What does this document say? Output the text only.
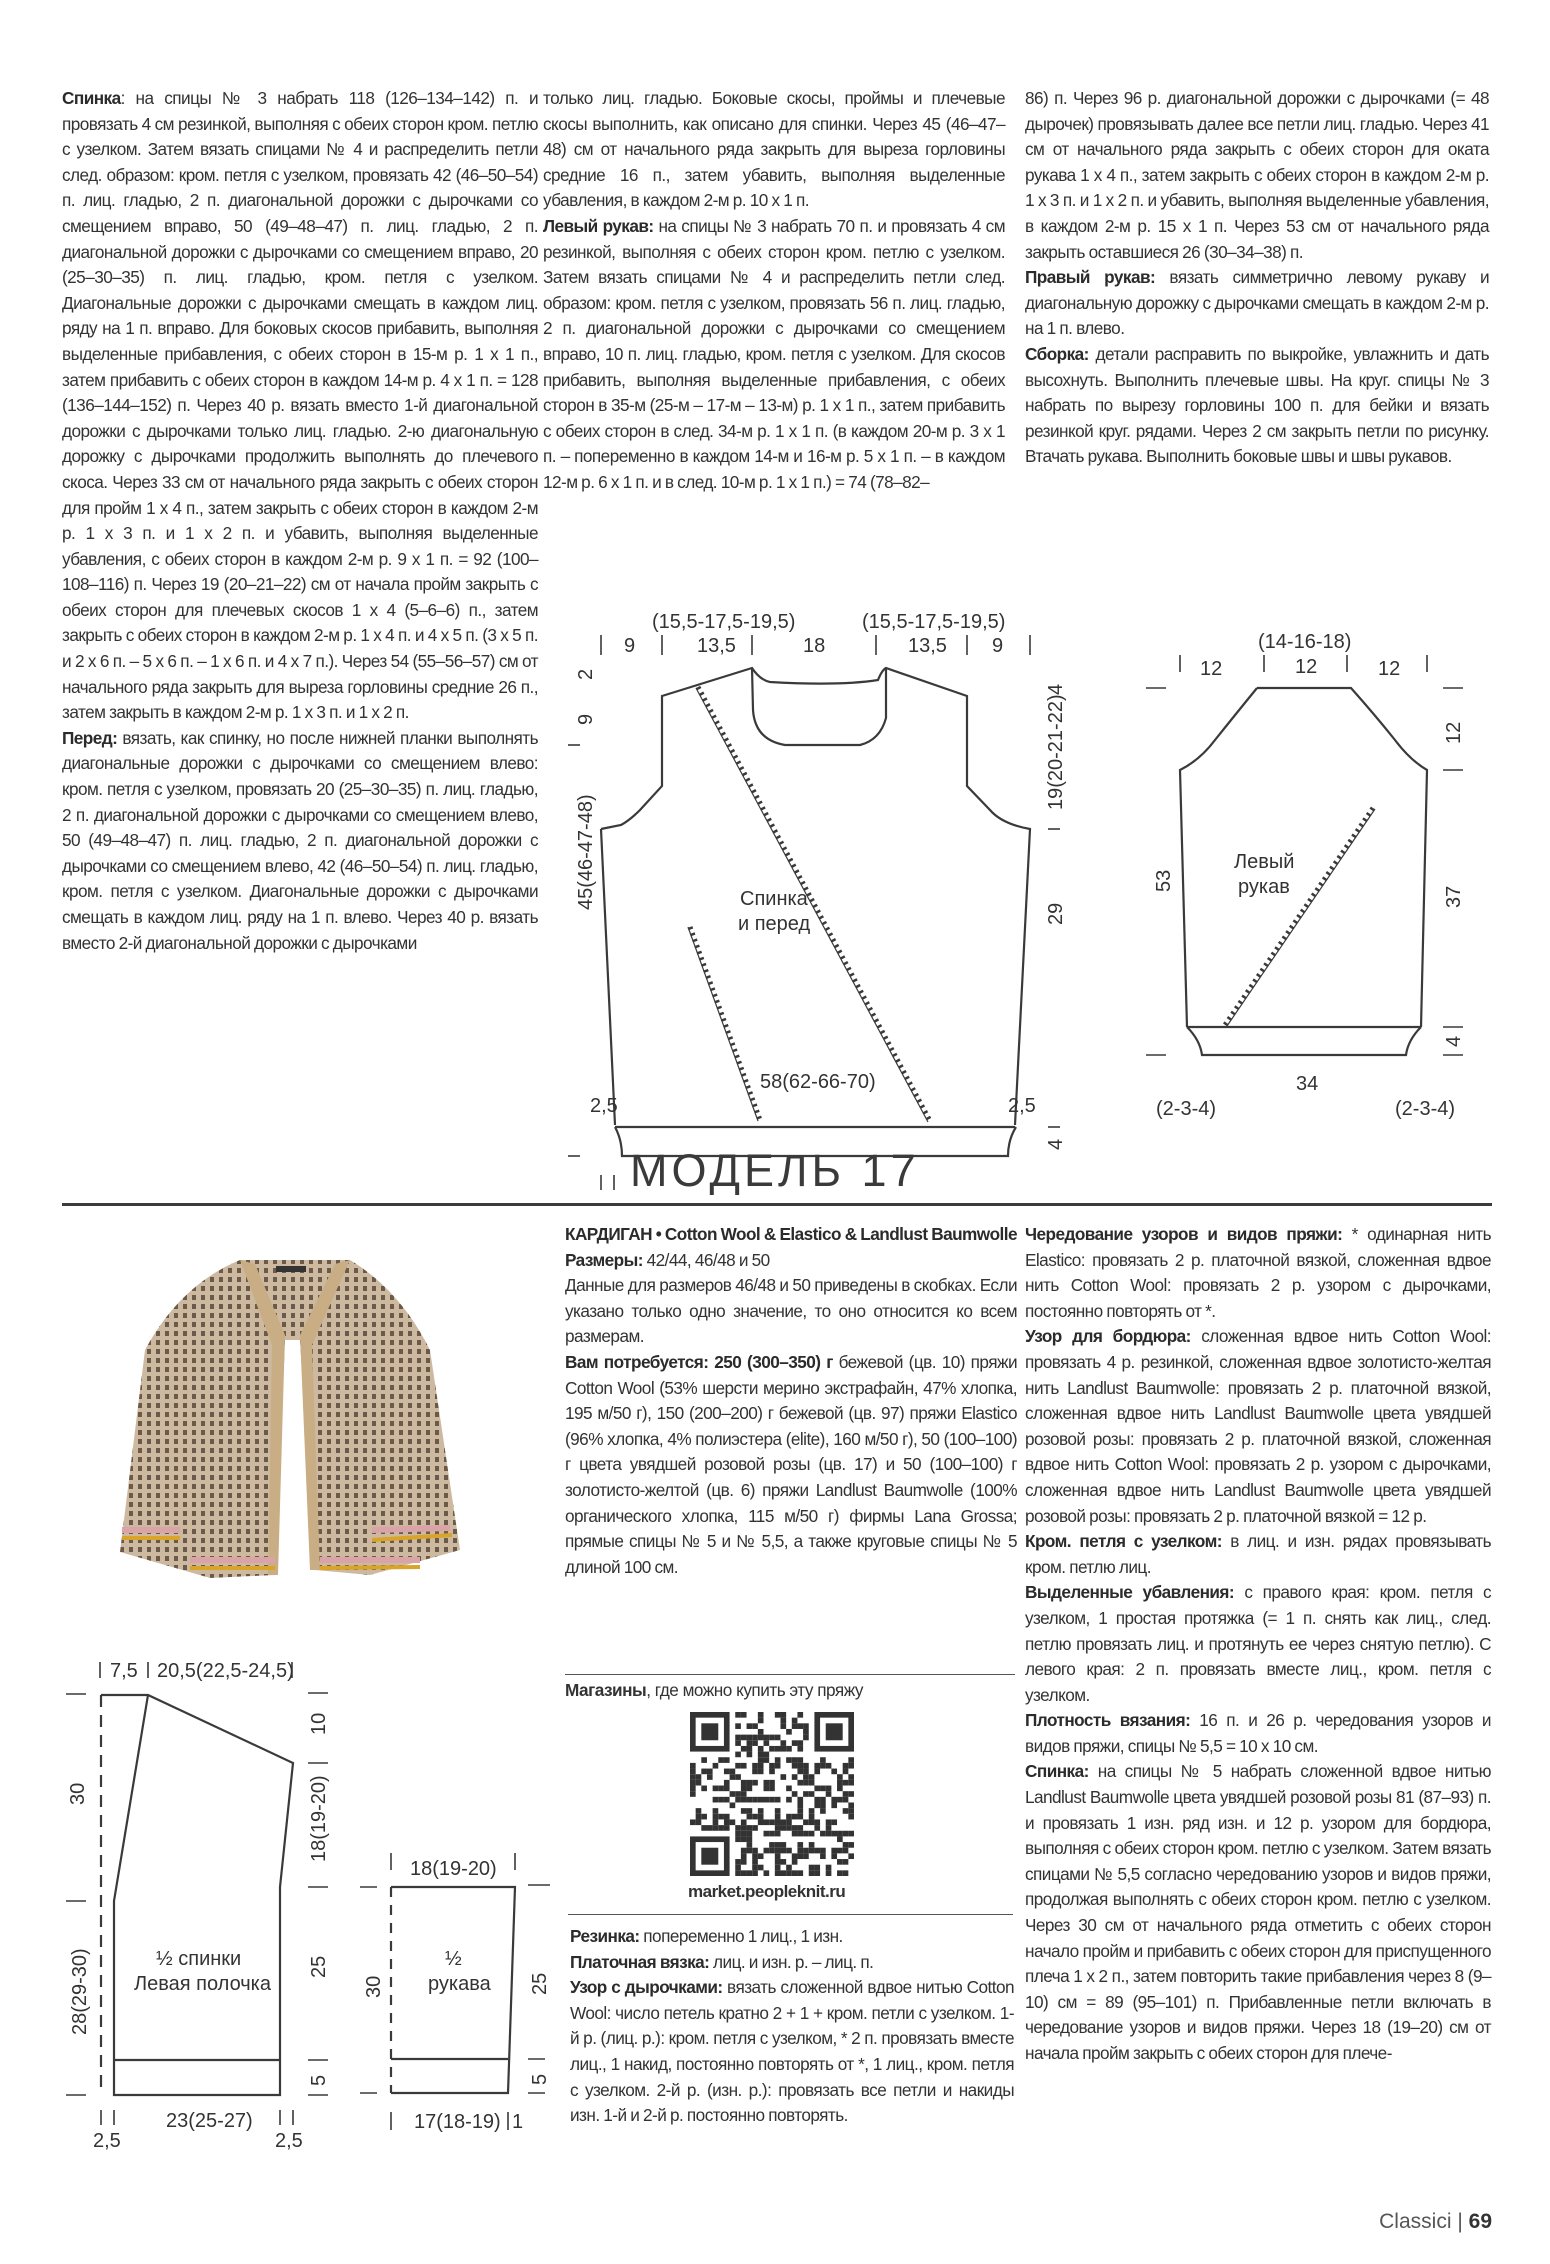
Спинка: на спицы № 3 набрать 118 (126–134–142) п. и провязать 4 см резинкой, выполняя с обеих сторон кром. петлю с узелком. Затем вязать спицами № 4 и распределить петли след. образом: кром. петля с узелком, провязать 42 (46–50–54) п. лиц. гладью, 2 п. диагональной дорожки с дырочками со смещением вправо, 50 (49–48–47) п. лиц. гладью, 2 п. диагональной дорожки с дырочками со смещением вправо, 20 (25–30–35) п. лиц. гладью, кром. петля с узелком. Диагональные дорожки с дырочками смещать в каждом лиц. ряду на 1 п. вправо. Для боковых скосов прибавить, выполняя выделенные прибавления, с обеих сторон в 15-м р. 1 х 1 п., затем прибавить с обеих сторон в каждом 14-м р. 4 х 1 п. = 128 (136–144–152) п. Через 40 р. вязать вместо 1-й диагональной дорожки с дырочками только лиц. гладью. 2-ю диагональную дорожку с дырочками продолжить выполнять до плечевого скоса. Через 33 см от начального ряда закрыть с обеих сторон для пройм 1 х 4 п., затем закрыть с обеих сторон в каждом 2-м р. 1 х 3 п. и 1 х 2 п. и убавить, выполняя выделенные убавления, с обеих сторон в каждом 2-м р. 9 х 1 п. = 92 (100–108–116) п. Через 19 (20–21–22) см от начала пройм закрыть с обеих сторон для плечевых скосов 1 х 4 (5–6–6) п., затем закрыть с обеих сторон в каждом 2-м р. 1 х 4 п. и 4 х 5 п. (3 х 5 п. и 2 х 6 п. – 5 х 6 п. – 1 х 6 п. и 4 х 7 п.). Через 54 (55–56–57) см от начального ряда закрыть для выреза горловины средние 26 п., затем закрыть в каждом 2-м р. 1 х 3 п. и 1 х 2 п.

Перед: вязать, как спинку, но после нижней планки выполнять диагональные дорожки с дырочками со смещением влево: кром. петля с узелком, провязать 20 (25–30–35) п. лиц. гладью, 2 п. диагональной дорожки с дырочками со смещением влево, 50 (49–48–47) п. лиц. гладью, 2 п. диагональной дорожки с дырочками со смещением влево, 42 (46–50–54) п. лиц. гладью, кром. петля с узелком. Диагональные дорожки с дырочками смещать в каждом лиц. ряду на 1 п. влево. Через 40 р. вязать вместо 2-й диагональной дорожки с дырочками

только лиц. гладью. Боковые скосы, проймы и плечевые скосы выполнить, как описано для спинки. Через 45 (46–47–48) см от начального ряда закрыть для выреза горловины средние 16 п., затем убавить, выполняя выделенные убавления, в каждом 2-м р. 10 х 1 п.

Левый рукав: на спицы № 3 набрать 70 п. и провязать 4 см резинкой, выполняя с обеих сторон кром. петлю с узелком. Затем вязать спицами № 4 и распределить петли след. образом: кром. петля с узелком, провязать 56 п. лиц. гладью, 2 п. диагональной дорожки с дырочками со смещением вправо, 10 п. лиц. гладью, кром. петля с узелком. Для скосов прибавить, выполняя выделенные прибавления, с обеих сторон в 35-м (25-м – 17-м – 13-м) р. 1 х 1 п., затем прибавить с обеих сторон в след. 34-м р. 1 х 1 п. (в каждом 20-м р. 3 х 1 п. – попеременно в каждом 14-м и 16-м р. 5 х 1 п. – в каждом 12-м р. 6 х 1 п. и в след. 10-м р. 1 х 1 п.) = 74 (78–82–

86) п. Через 96 р. диагональной дорожки с дырочками (= 48 дырочек) провязывать далее все петли лиц. гладью. Через 41 см от начального ряда закрыть с обеих сторон для оката рукава 1 х 4 п., затем закрыть с обеих сторон в каждом 2-м р. 1 х 3 п. и 1 х 2 п. и убавить, выполняя выделенные убавления, в каждом 2-м р. 15 х 1 п. Через 53 см от начального ряда закрыть оставшиеся 26 (30–34–38) п.

Правый рукав: вязать симметрично левому рукаву и диагональную дорожку с дырочками смещать в каждом 2-м р. на 1 п. влево.

Сборка: детали расправить по выкройке, увлажнить и дать высохнуть. Выполнить плечевые швы. На круг. спицы № 3 набрать по вырезу горловины 100 п. для бейки и вязать резинкой круг. рядами. Через 2 см закрыть петли по рисунку. Втачать рукава. Выполнить боковые швы и швы рукавов.

9	13,5	18	13,5 9
(15,5-17,5-19,5)	(15,5-17,5-19,5)
2
9
45(46-47-48)
4
19(20-21-22)
29
4
58(62-66-70)
2,5	2,5
Спинка
и перед
(14-16-18)
12	12	12
53
12
37
4
34
(2-3-4)	(2-3-4)
Левый
рукав
МОДЕЛЬ 17

КАРДИГАН • Cotton Wool & Elastico & Landlust Baumwolle

Размеры: 42/44, 46/48 и 50

Данные для размеров 46/48 и 50 приведены в скобках. Если указано только одно значение, то оно относится ко всем размерам.

Вам потребуется: 250 (300–350) г бежевой (цв. 10) пряжи Cotton Wool (53% шерсти мерино экстрафайн, 47% хлопка, 195 м/50 г), 150 (200–200) г бежевой (цв. 97) пряжи Elastico (96% хлопка, 4% полиэстера (elite), 160 м/50 г), 50 (100–100) г цвета увядшей розовой розы (цв. 17) и 50 (100–100) г золотисто-желтой (цв. 6) пряжи Landlust Baumwolle (100% органического хлопка, 115 м/50 г) фирмы Lana Grossa; прямые спицы № 5 и № 5,5, а также круговые спицы № 5 длиной 100 см.

Магазины, где можно купить эту пряжу
market.peopleknit.ru

Резинка: попеременно 1 лиц., 1 изн.

Платочная вязка: лиц. и изн. р. – лиц. п.

Узор с дырочками: вязать сложенной вдвое нитью Cotton Wool: число петель кратно 2 + 1 + кром. петли с узелком. 1-й р. (лиц. р.): кром. петля с узелком, * 2 п. провязать вместе лиц., 1 накид, постоянно повторять от *, 1 лиц., кром. петля с узелком. 2-й р. (изн. р.): провязать все петли и накиды изн. 1-й и 2-й р. постоянно повторять.

Чередование узоров и видов пряжи: * одинарная нить Elastico: провязать 2 р. платочной вязкой, сложенная вдвое нить Cotton Wool: провязать 2 р. узором с дырочками, постоянно повторять от *.

Узор для бордюра: сложенная вдвое нить Cotton Wool: провязать 4 р. резинкой, сложенная вдвое золотисто-желтая нить Landlust Baumwolle: провязать 2 р. платочной вязкой, сложенная вдвое нить Landlust Baumwolle цвета увядшей розовой розы: провязать 2 р. платочной вязкой, сложенная вдвое нить Cotton Wool: провязать 2 р. узором с дырочками, сложенная вдвое нить Landlust Baumwolle цвета увядшей розовой розы: провязать 2 р. платочной вязкой = 12 р.

Кром. петля с узелком: в лиц. и изн. рядах провязывать кром. петлю лиц.

Выделенные убавления: с правого края: кром. петля с узелком, 1 простая протяжка (= 1 п. снять как лиц., след. петлю провязать лиц. и протянуть ее через снятую петлю). С левого края: 2 п. провязать вместе лиц., кром. петля с узелком.

Плотность вязания: 16 п. и 26 р. чередования узоров и видов пряжи, спицы № 5,5 = 10 х 10 см.

Спинка: на спицы № 5 набрать сложенной вдвое нитью Landlust Baumwolle цвета увядшей розовой розы 81 (87–93) п. и провязать 1 изн. ряд изн. и 12 р. узором для бордюра, выполняя с обеих сторон кром. петлю с узелком. Затем вязать спицами № 5,5 согласно чередованию узоров и видов пряжи, продолжая выполнять с обеих сторон кром. петлю с узелком. Через 30 см от начального ряда отметить с обеих сторон начало пройм и прибавить с обеих сторон для приспущенного плеча 1 х 2 п., затем повторить такие прибавления через 8 (9–10) см = 89 (95–101) п. Прибавленные петли включать в чередование узоров и видов пряжи. Через 18 (19–20) см от начала пройм закрыть с обеих сторон для плече-

7,5 20,5(22,5-24,5)
30
28(29-30)
10
18(19-20)
25
5
23(25-27)
2,5	2,5
½ спинки
Левая полочка
18(19-20)
30	25
5
17(18-19) 1
½
рукава
Classici | 69
